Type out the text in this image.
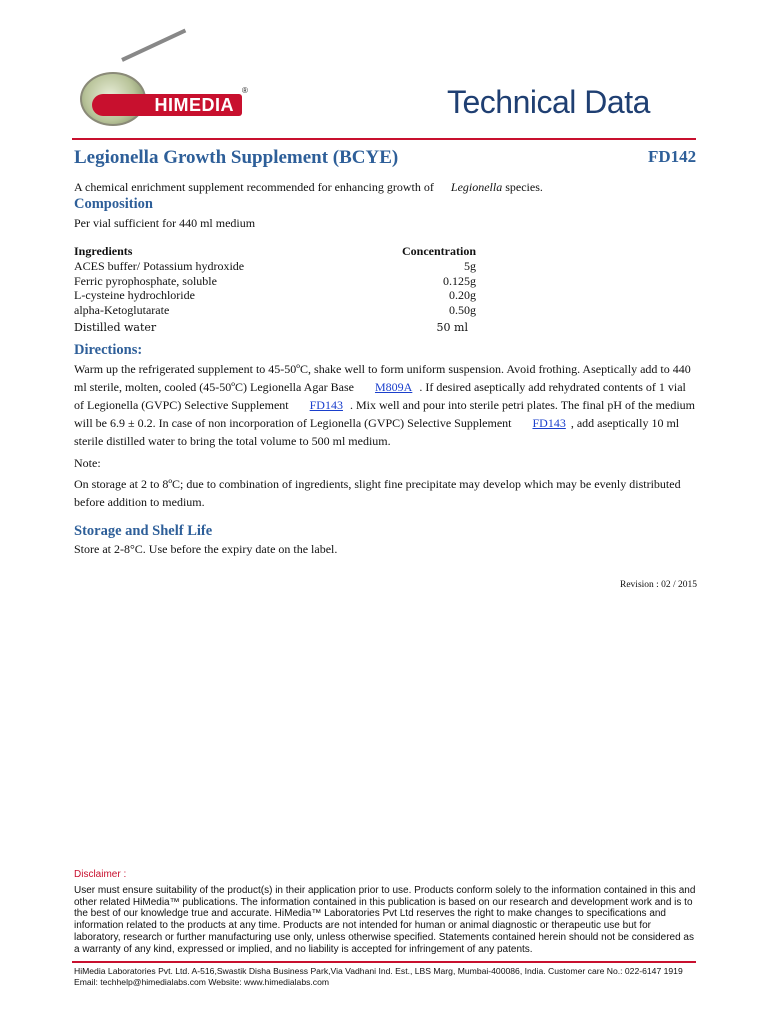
HIMEDIA
®	Technical Data
Legionella Growth Supplement (BCYE)	FD142
A chemical enrichment supplement recommended for enhancing growth of Legionella species.
Composition
Per vial sufficient for 440 ml medium
Ingredients	Concentration
ACES buffer/ Potassium hydroxide	5g
Ferric pyrophosphate, soluble	0.125g
L-cysteine hydrochloride	0.20g
alpha-Ketoglutarate	0.50g
Distilled water	50 ml
Directions:
Warm up the refrigerated supplement to 45-50ºC, shake well to form uniform suspension. Avoid frothing. Aseptically add to 440 ml sterile, molten, cooled (45-50ºC) Legionella Agar Base M809A . If desired aseptically add rehydrated contents of 1 vial of Legionella (GVPC) Selective Supplement FD143 . Mix well and pour into sterile petri plates. The final pH of the medium will be 6.9 ± 0.2. In case of non incorporation of Legionella (GVPC) Selective Supplement FD143 , add aseptically 10 ml sterile distilled water to bring the total volume to 500 ml medium.
Note:
On storage at 2 to 8ºC; due to combination of ingredients, slight fine precipitate may develop which may be evenly distributed before addition to medium.
Storage and Shelf Life
Store at 2-8°C. Use before the expiry date on the label.
Revision : 02 / 2015
Disclaimer :
User must ensure suitability of the product(s) in their application prior to use. Products conform solely to the information contained in this and other related HiMedia™ publications. The information contained in this publication is based on our research and development work and is to the best of our knowledge true and accurate. HiMedia™ Laboratories Pvt Ltd reserves the right to make changes to specifications and information related to the products at any time. Products are not intended for human or animal diagnostic or therapeutic use but for laboratory, research or further manufacturing use only, unless otherwise specified. Statements contained herein should not be considered as a warranty of any kind, expressed or implied, and no liability is accepted for infringement of any patents.
HiMedia Laboratories Pvt. Ltd. A-516,Swastik Disha Business Park,Via Vadhani Ind. Est., LBS Marg, Mumbai-400086, India. Customer care No.: 022-6147 1919 Email: techhelp@himedialabs.com Website: www.himedialabs.com
